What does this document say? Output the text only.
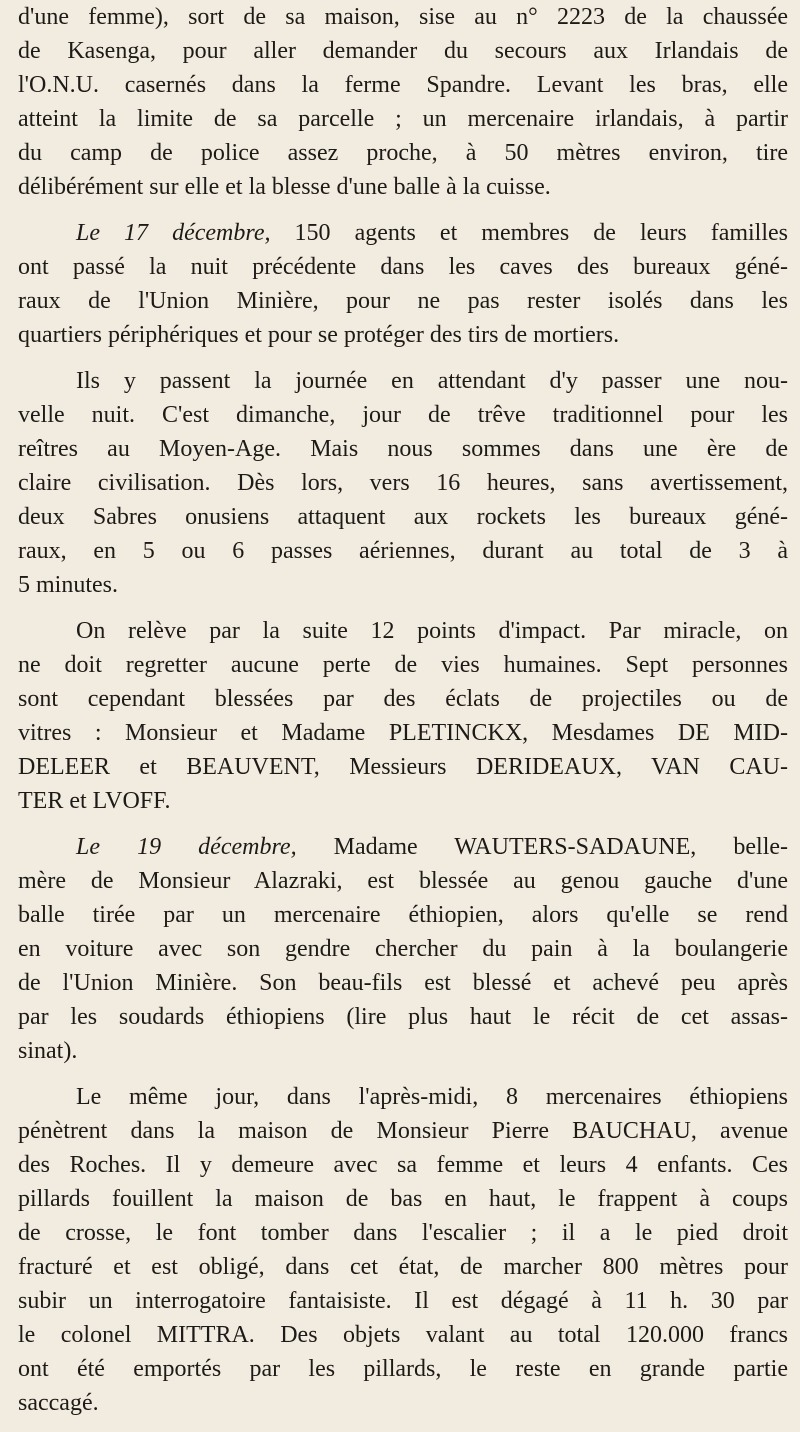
d'une femme), sort de sa maison, sise au n° 2223 de la chaussée
de Kasenga, pour aller demander du secours aux Irlandais de
l'O.N.U. casernés dans la ferme Spandre. Levant les bras, elle
atteint la limite de sa parcelle ; un mercenaire irlandais, à partir
du camp de police assez proche, à 50 mètres environ, tire
délibérément sur elle et la blesse d'une balle à la cuisse.
Le 17 décembre, 150 agents et membres de leurs familles
ont passé la nuit précédente dans les caves des bureaux géné-
raux de l'Union Minière, pour ne pas rester isolés dans les
quartiers périphériques et pour se protéger des tirs de mortiers.
Ils y passent la journée en attendant d'y passer une nou-
velle nuit. C'est dimanche, jour de trêve traditionnel pour les
reîtres au Moyen-Age. Mais nous sommes dans une ère de
claire civilisation. Dès lors, vers 16 heures, sans avertissement,
deux Sabres onusiens attaquent aux rockets les bureaux géné-
raux, en 5 ou 6 passes aériennes, durant au total de 3 à
5 minutes.
On relève par la suite 12 points d'impact. Par miracle, on
ne doit regretter aucune perte de vies humaines. Sept personnes
sont cependant blessées par des éclats de projectiles ou de
vitres : Monsieur et Madame PLETINCKX, Mesdames DE MID-
DELEER et BEAUVENT, Messieurs DERIDEAUX, VAN CAU-
TER et LVOFF.
Le 19 décembre, Madame WAUTERS-SADAUNE, belle-
mère de Monsieur Alazraki, est blessée au genou gauche d'une
balle tirée par un mercenaire éthiopien, alors qu'elle se rend
en voiture avec son gendre chercher du pain à la boulangerie
de l'Union Minière. Son beau-fils est blessé et achevé peu après
par les soudards éthiopiens (lire plus haut le récit de cet assas-
sinat).
Le même jour, dans l'après-midi, 8 mercenaires éthiopiens
pénètrent dans la maison de Monsieur Pierre BAUCHAU, avenue
des Roches. Il y demeure avec sa femme et leurs 4 enfants. Ces
pillards fouillent la maison de bas en haut, le frappent à coups
de crosse, le font tomber dans l'escalier ; il a le pied droit
fracturé et est obligé, dans cet état, de marcher 800 mètres pour
subir un interrogatoire fantaisiste. Il est dégagé à 11 h. 30 par
le colonel MITTRA. Des objets valant au total 120.000 francs
ont été emportés par les pillards, le reste en grande partie
saccagé.
